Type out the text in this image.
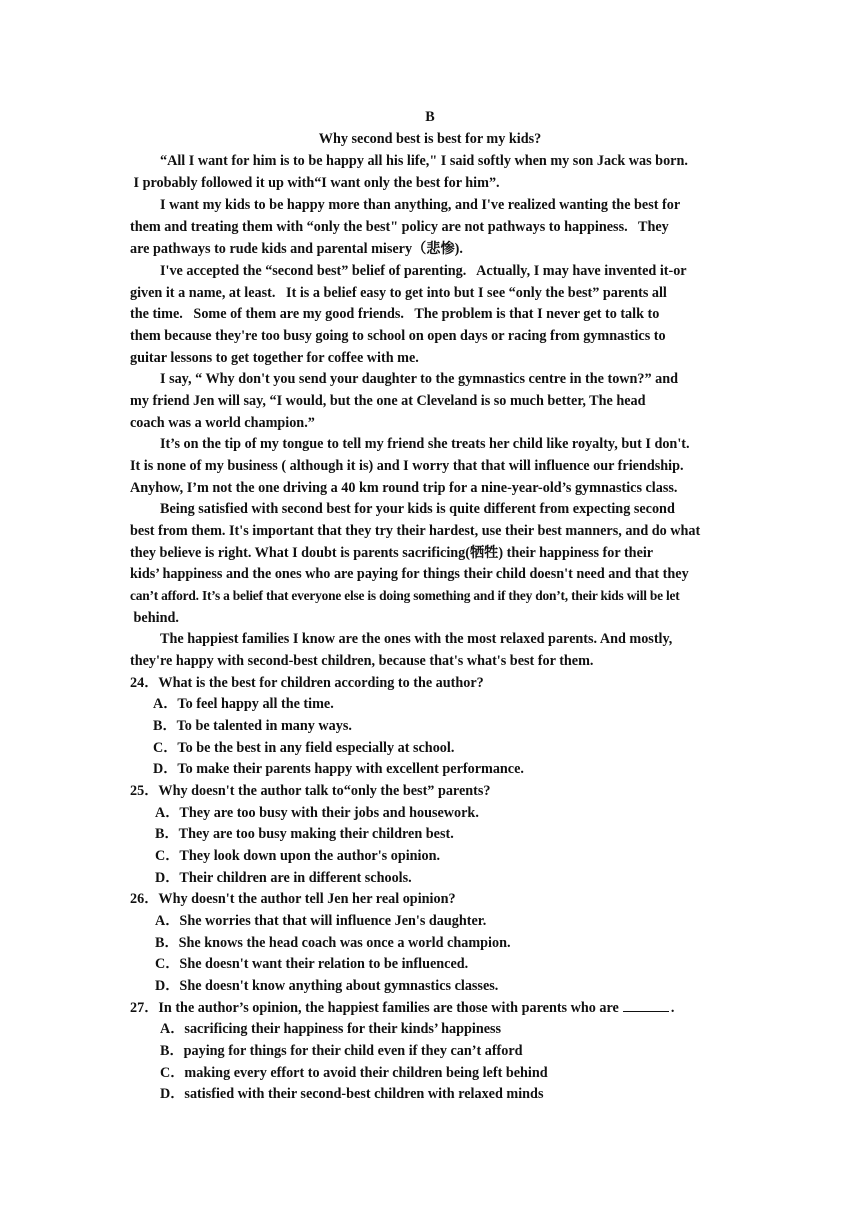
B
Why second best is best for my kids?
“All I want for him is to be happy all his life," I said softly when my son Jack was born.
I probably followed it up with“I want only the best for him”.
I want my kids to be happy more than anything, and I've realized wanting the best for
them and treating them with “only the best" policy are not pathways to happiness.   They
are pathways to rude kids and parental misery（悲惨).
I've accepted the “second best” belief of parenting.   Actually, I may have invented it-or
given it a name, at least.   It is a belief easy to get into but I see “only the best” parents all
the time.   Some of them are my good friends.   The problem is that I never get to talk to
them because they're too busy going to school on open days or racing from gymnastics to
guitar lessons to get together for coffee with me.
I say, “ Why don't you send your daughter to the gymnastics centre in the town?” and
my friend Jen will say, “I would, but the one at Cleveland is so much better, The head
coach was a world champion.”
It’s on the tip of my tongue to tell my friend she treats her child like royalty, but I don't.
It is none of my business ( although it is) and I worry that that will influence our friendship.
Anyhow, I’m not the one driving a 40 km round trip for a nine-year-old’s gymnastics class.
Being satisfied with second best for your kids is quite different from expecting second
best from them. It's important that they try their hardest, use their best manners, and do what
they believe is right. What I doubt is parents sacrificing(牺牲) their happiness for their
kids’ happiness and the ones who are paying for things their child doesn't need and that they
can’t afford. It’s a belief that everyone else is doing something and if they don’t, their kids will be let
behind.
The happiest families I know are the ones with the most relaxed parents. And mostly,
they're happy with second-best children, because that's what's best for them.
24．What is the best for children according to the author?
A．To feel happy all the time.
B．To be talented in many ways.
C．To be the best in any field especially at school.
D．To make their parents happy with excellent performance.
25．Why doesn't the author talk to“only the best” parents?
A．They are too busy with their jobs and housework.
B．They are too busy making their children best.
C．They look down upon the author's opinion.
D．Their children are in different schools.
26．Why doesn't the author tell Jen her real opinion?
A．She worries that that will influence Jen's daughter.
B．She knows the head coach was once a world champion.
C．She doesn't want their relation to be influenced.
D．She doesn't know anything about gymnastics classes.
27．In the author’s opinion, the happiest families are those with parents who are	.
A．sacrificing their happiness for their kinds’ happiness
B．paying for things for their child even if they can’t afford
C．making every effort to avoid their children being left behind
D．satisfied with their second-best children with relaxed minds
